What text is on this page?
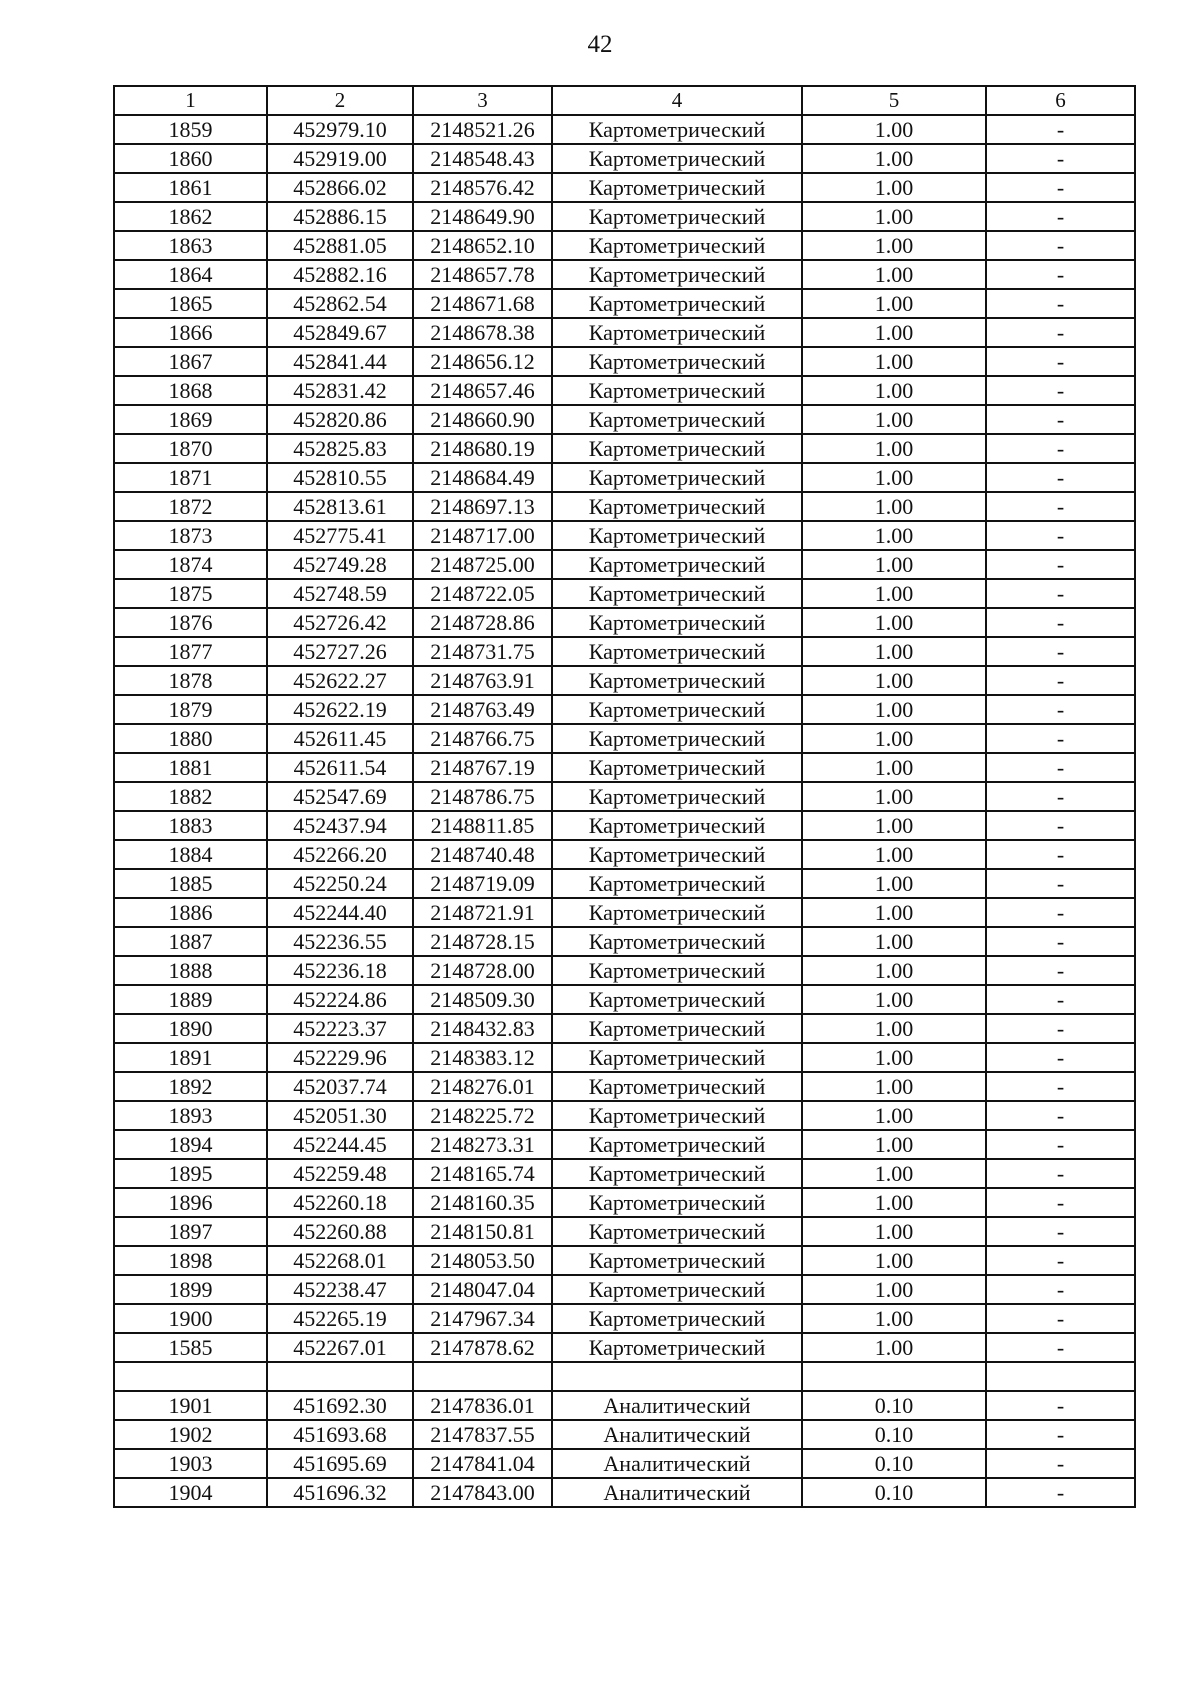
42
1	2	3	4	5	6
1859	452979.10	2148521.26	Картометрический	1.00	-
1860	452919.00	2148548.43	Картометрический	1.00	-
1861	452866.02	2148576.42	Картометрический	1.00	-
1862	452886.15	2148649.90	Картометрический	1.00	-
1863	452881.05	2148652.10	Картометрический	1.00	-
1864	452882.16	2148657.78	Картометрический	1.00	-
1865	452862.54	2148671.68	Картометрический	1.00	-
1866	452849.67	2148678.38	Картометрический	1.00	-
1867	452841.44	2148656.12	Картометрический	1.00	-
1868	452831.42	2148657.46	Картометрический	1.00	-
1869	452820.86	2148660.90	Картометрический	1.00	-
1870	452825.83	2148680.19	Картометрический	1.00	-
1871	452810.55	2148684.49	Картометрический	1.00	-
1872	452813.61	2148697.13	Картометрический	1.00	-
1873	452775.41	2148717.00	Картометрический	1.00	-
1874	452749.28	2148725.00	Картометрический	1.00	-
1875	452748.59	2148722.05	Картометрический	1.00	-
1876	452726.42	2148728.86	Картометрический	1.00	-
1877	452727.26	2148731.75	Картометрический	1.00	-
1878	452622.27	2148763.91	Картометрический	1.00	-
1879	452622.19	2148763.49	Картометрический	1.00	-
1880	452611.45	2148766.75	Картометрический	1.00	-
1881	452611.54	2148767.19	Картометрический	1.00	-
1882	452547.69	2148786.75	Картометрический	1.00	-
1883	452437.94	2148811.85	Картометрический	1.00	-
1884	452266.20	2148740.48	Картометрический	1.00	-
1885	452250.24	2148719.09	Картометрический	1.00	-
1886	452244.40	2148721.91	Картометрический	1.00	-
1887	452236.55	2148728.15	Картометрический	1.00	-
1888	452236.18	2148728.00	Картометрический	1.00	-
1889	452224.86	2148509.30	Картометрический	1.00	-
1890	452223.37	2148432.83	Картометрический	1.00	-
1891	452229.96	2148383.12	Картометрический	1.00	-
1892	452037.74	2148276.01	Картометрический	1.00	-
1893	452051.30	2148225.72	Картометрический	1.00	-
1894	452244.45	2148273.31	Картометрический	1.00	-
1895	452259.48	2148165.74	Картометрический	1.00	-
1896	452260.18	2148160.35	Картометрический	1.00	-
1897	452260.88	2148150.81	Картометрический	1.00	-
1898	452268.01	2148053.50	Картометрический	1.00	-
1899	452238.47	2148047.04	Картометрический	1.00	-
1900	452265.19	2147967.34	Картометрический	1.00	-
1585	452267.01	2147878.62	Картометрический	1.00	-

1901	451692.30	2147836.01	Аналитический	0.10	-
1902	451693.68	2147837.55	Аналитический	0.10	-
1903	451695.69	2147841.04	Аналитический	0.10	-
1904	451696.32	2147843.00	Аналитический	0.10	-
